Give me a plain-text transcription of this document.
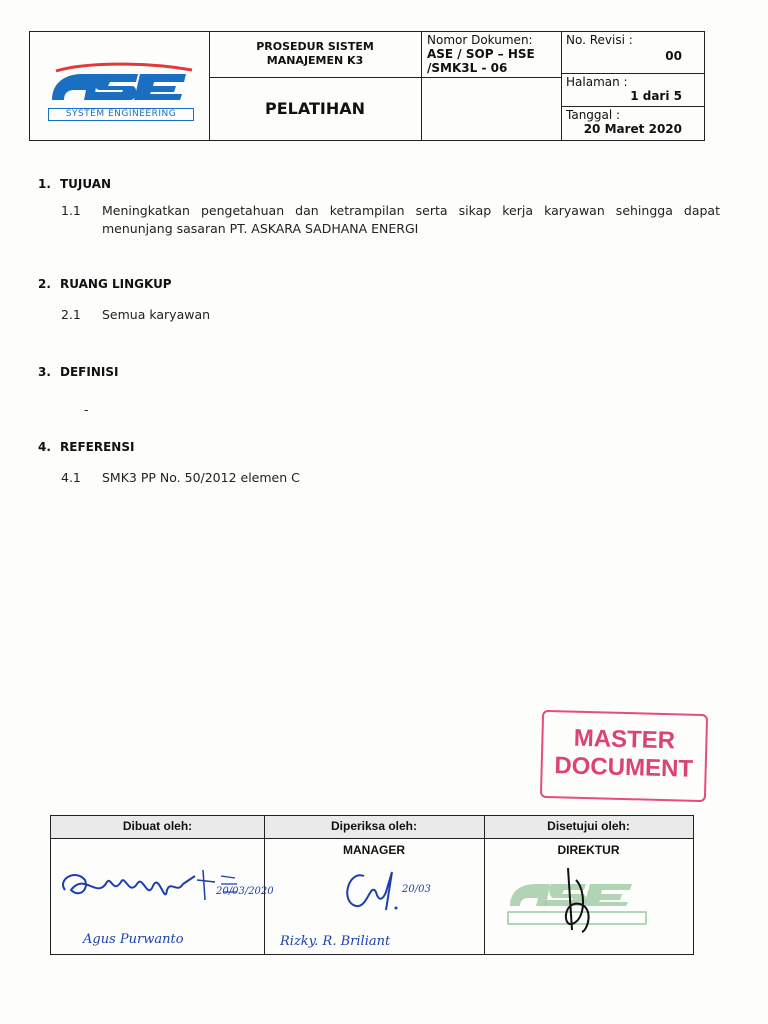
SYSTEM ENGINEERING
PROSEDUR SISTEM
MANAJEMEN K3
PELATIHAN
Nomor Dokumen:
ASE / SOP – HSE
/SMK3L - 06
No. Revisi :
00
Halaman :
1 dari 5
Tanggal :
20 Maret 2020
1. TUJUAN
1.1 Meningkatkan pengetahuan dan ketrampilan serta sikap kerja karyawan sehingga dapat
menunjang sasaran PT. ASKARA SADHANA ENERGI
2. RUANG LINGKUP
2.1 Semua karyawan
3. DEFINISI
-
4. REFERENSI
4.1 SMK3 PP No. 50/2012 elemen C
MASTER
DOCUMENT
Dibuat oleh:
Agus Purwanto
20/03/2020
Diperiksa oleh:
MANAGER
20/03
Rizky. R. Briliant
Disetujui oleh:
DIREKTUR
